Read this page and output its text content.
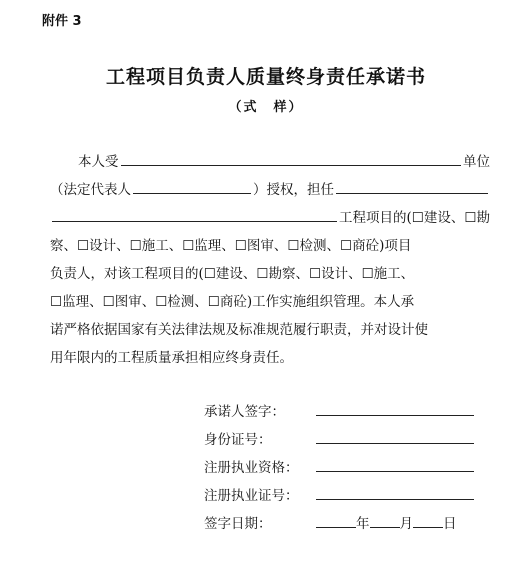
附件 3
工程项目负责人质量终身责任承诺书
（式　样）
本人受	单位
（法定代表人	）授权，担任
工程项目的(☐建设、☐勘
察、☐设计、☐施工、☐监理、☐图审、☐检测、☐商砼)项目
负责人，对该工程项目的(☐建设、☐勘察、☐设计、☐施工、
☐监理、☐图审、☐检测、☐商砼)工作实施组织管理。本人承
诺严格依据国家有关法律法规及标准规范履行职责，并对设计使
用年限内的工程质量承担相应终身责任。
承诺人签字：
身份证号：
注册执业资格：
注册执业证号：
签字日期：	年 月 日
